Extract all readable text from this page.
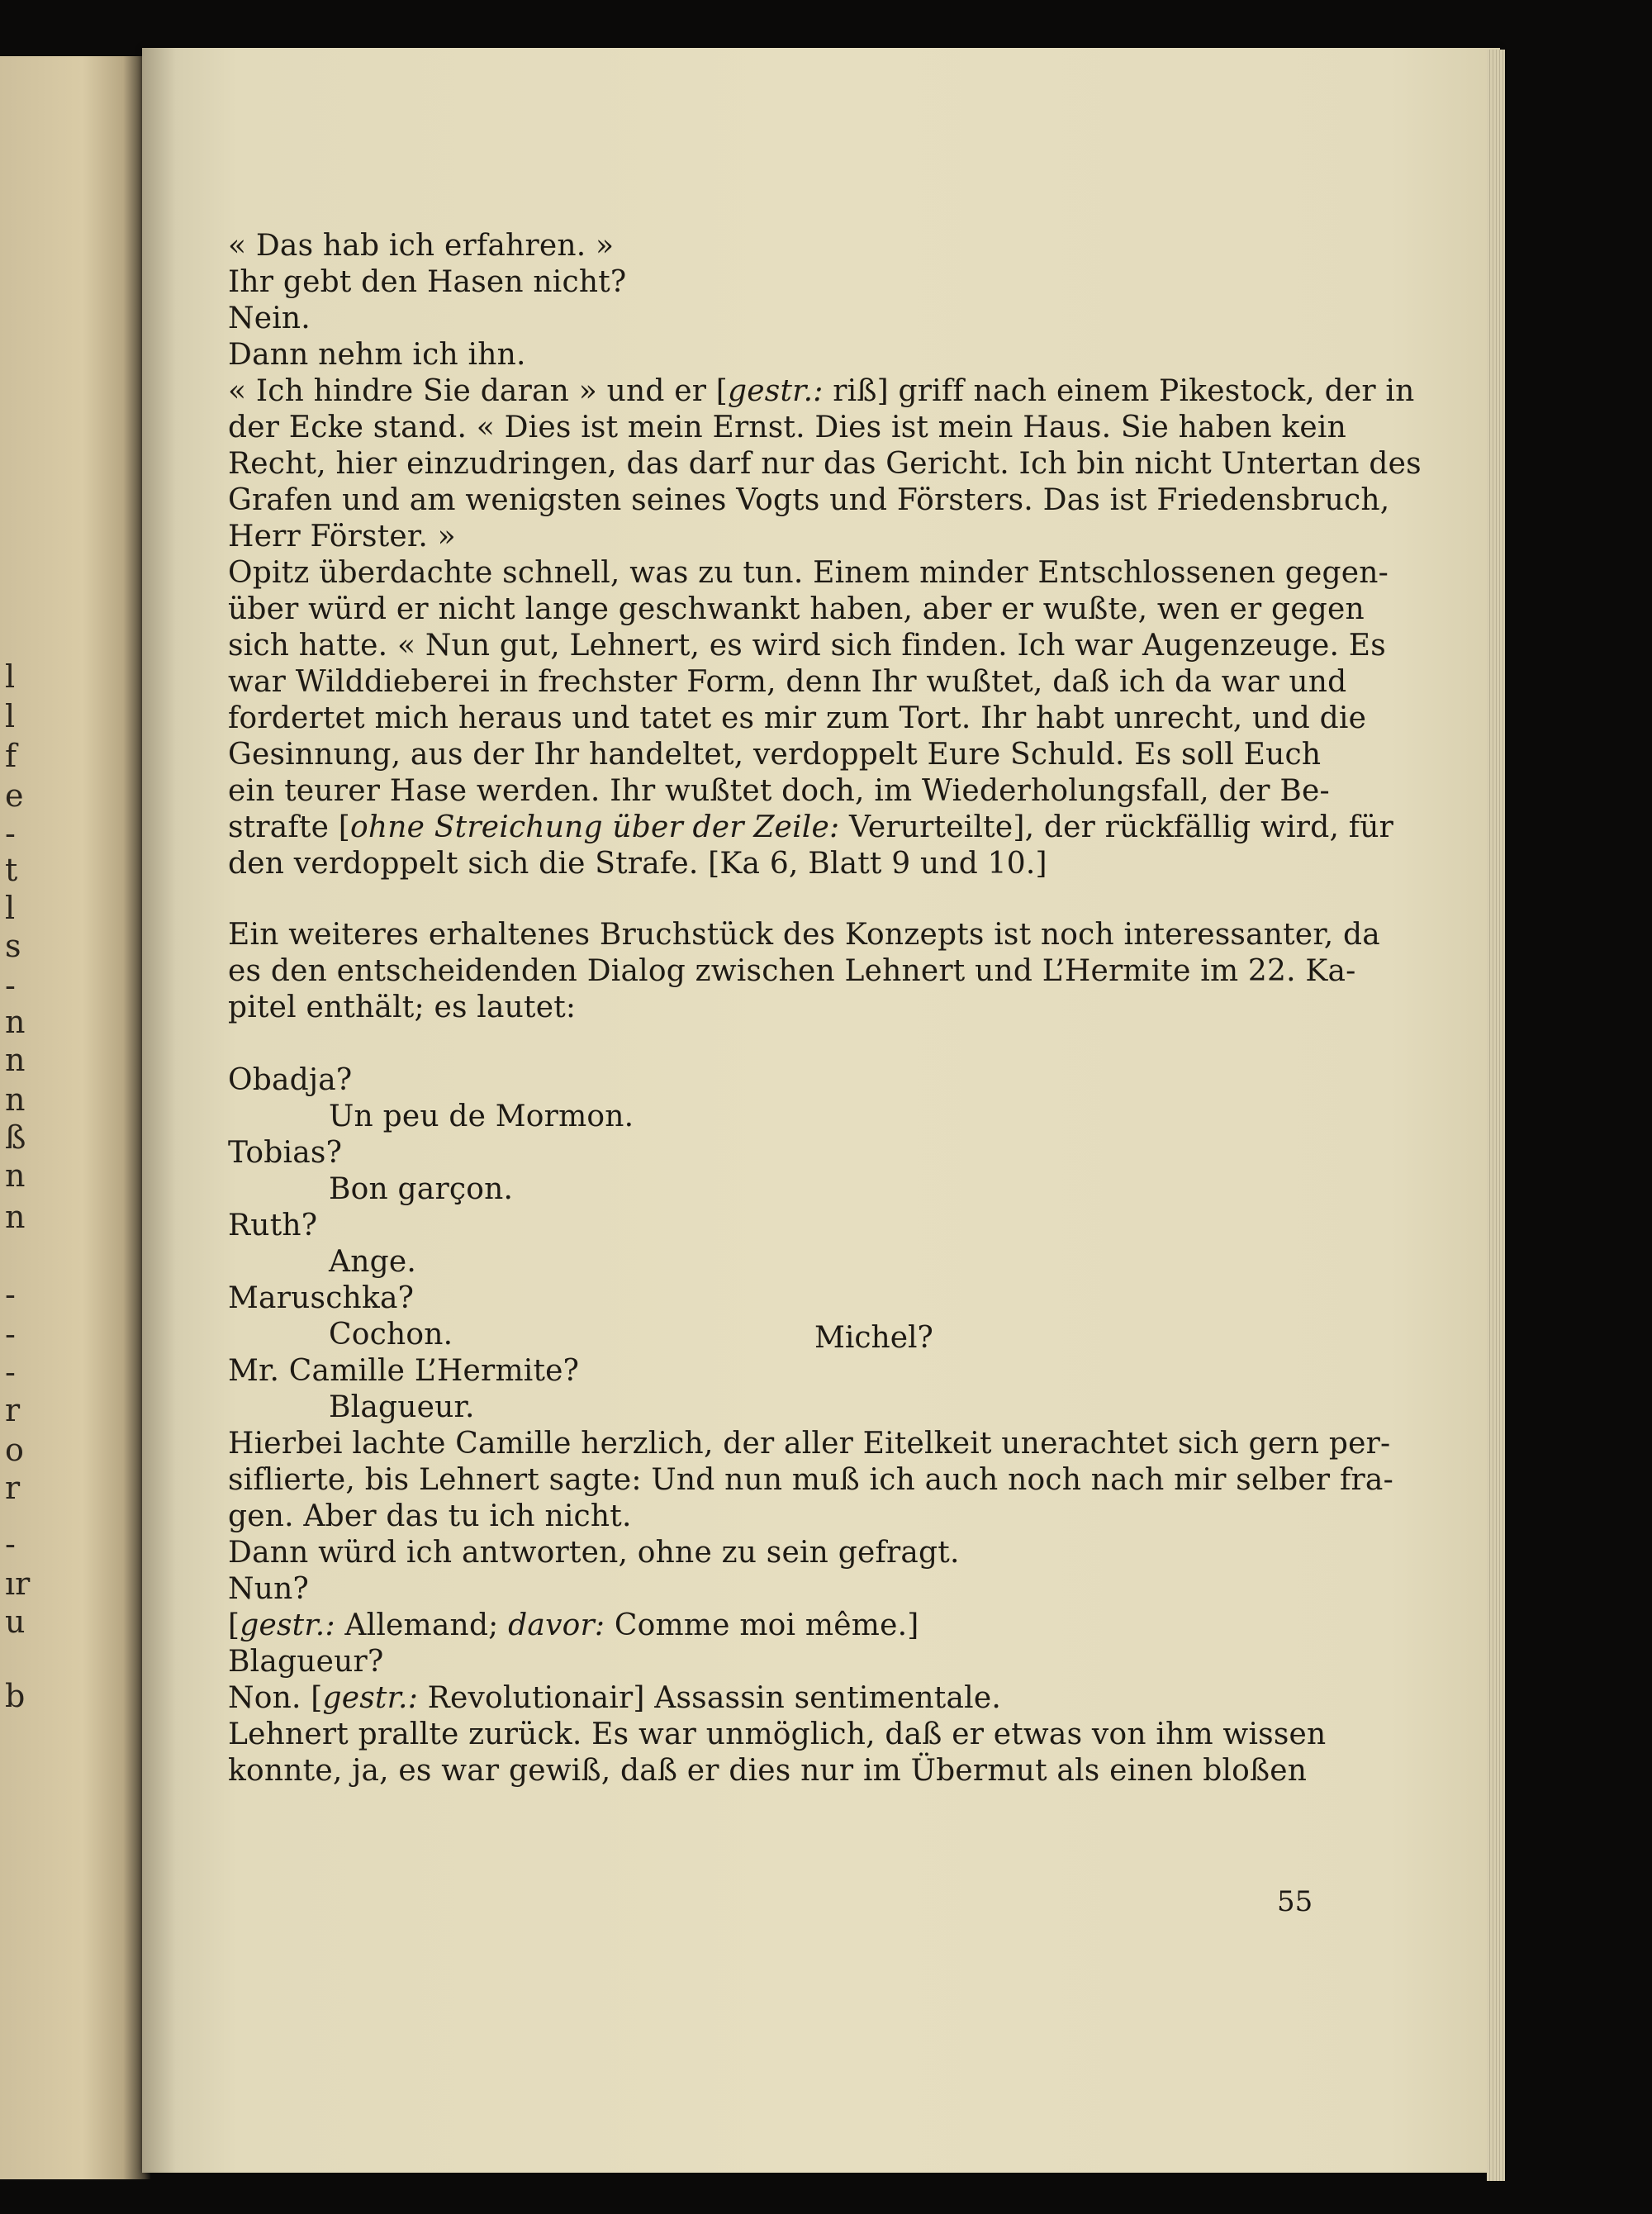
l
l
f
e
-
t
l
s
-
n
n
n
ß
n
n
-
-
-
r
o
r
-
ır
u
b
« Das hab ich erfahren. »
Ihr gebt den Hasen nicht?
Nein.
Dann nehm ich ihn.
« Ich hindre Sie daran » und er [gestr.: riß] griff nach einem Pikestock, der in
der Ecke stand. « Dies ist mein Ernst. Dies ist mein Haus. Sie haben kein
Recht, hier einzudringen, das darf nur das Gericht. Ich bin nicht Untertan des
Grafen und am wenigsten seines Vogts und Försters. Das ist Friedensbruch,
Herr Förster. »
Opitz überdachte schnell, was zu tun. Einem minder Entschlossenen gegen-
über würd er nicht lange geschwankt haben, aber er wußte, wen er gegen
sich hatte. « Nun gut, Lehnert, es wird sich finden. Ich war Augenzeuge. Es
war Wilddieberei in frechster Form, denn Ihr wußtet, daß ich da war und
fordertet mich heraus und tatet es mir zum Tort. Ihr habt unrecht, und die
Gesinnung, aus der Ihr handeltet, verdoppelt Eure Schuld. Es soll Euch
ein teurer Hase werden. Ihr wußtet doch, im Wiederholungsfall, der Be-
strafte [ohne Streichung über der Zeile: Verurteilte], der rückfällig wird, für
den verdoppelt sich die Strafe. [Ka 6, Blatt 9 und 10.]
Ein weiteres erhaltenes Bruchstück des Konzepts ist noch interessanter, da
es den entscheidenden Dialog zwischen Lehnert und L’Hermite im 22. Ka-
pitel enthält; es lautet:
Obadja?
Un peu de Mormon.
Tobias?
Bon garçon.
Ruth?
Ange.
Maruschka?
Cochon.
Mr. Camille L’Hermite?
Blagueur.
Hierbei lachte Camille herzlich, der aller Eitelkeit unerachtet sich gern per-
siflierte, bis Lehnert sagte: Und nun muß ich auch noch nach mir selber fra-
gen. Aber das tu ich nicht.
Dann würd ich antworten, ohne zu sein gefragt.
Nun?
[gestr.: Allemand; davor: Comme moi même.]
Blagueur?
Non. [gestr.: Revolutionair] Assassin sentimentale.
Lehnert prallte zurück. Es war unmöglich, daß er etwas von ihm wissen
konnte, ja, es war gewiß, daß er dies nur im Übermut als einen bloßen
Michel?
55
